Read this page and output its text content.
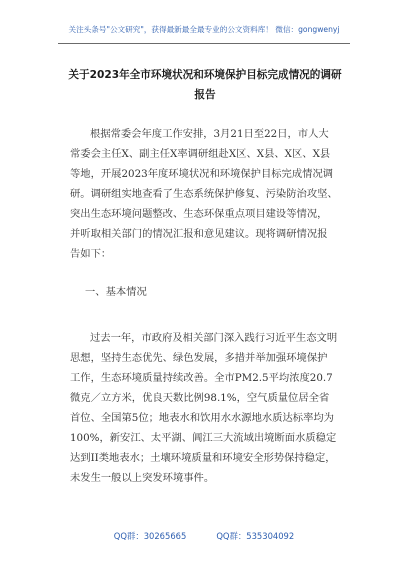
关注头条号"公文研究"，获得最新最全最专业的公文资料库！ 微信：gongwenyj
关于2023年全市环境状况和环境保护目标完成情况的调研
报告
根据常委会年度工作安排，3月21日至22日，市人大
常委会主任X、副主任X率调研组赴X区、X县、X区、X县
等地，开展2023年度环境状况和环境保护目标完成情况调
研。调研组实地查看了生态系统保护修复、污染防治攻坚、
突出生态环境问题整改、生态环保重点项目建设等情况，
并听取相关部门的情况汇报和意见建议。现将调研情况报
告如下：
一、基本情况
过去一年，市政府及相关部门深入践行习近平生态文明
思想，坚持生态优先、绿色发展，多措并举加强环境保护
工作，生态环境质量持续改善。全市PM2.5平均浓度20.7
微克／立方米，优良天数比例98.1%，空气质量位居全省
首位、全国第5位；地表水和饮用水水源地水质达标率均为
100%，新安江、太平湖、阊江三大流域出境断面水质稳定
达到II类地表水；土壤环境质量和环境安全形势保持稳定，
未发生一般以上突发环境事件。
QQ群：30265665	QQ群：535304092
